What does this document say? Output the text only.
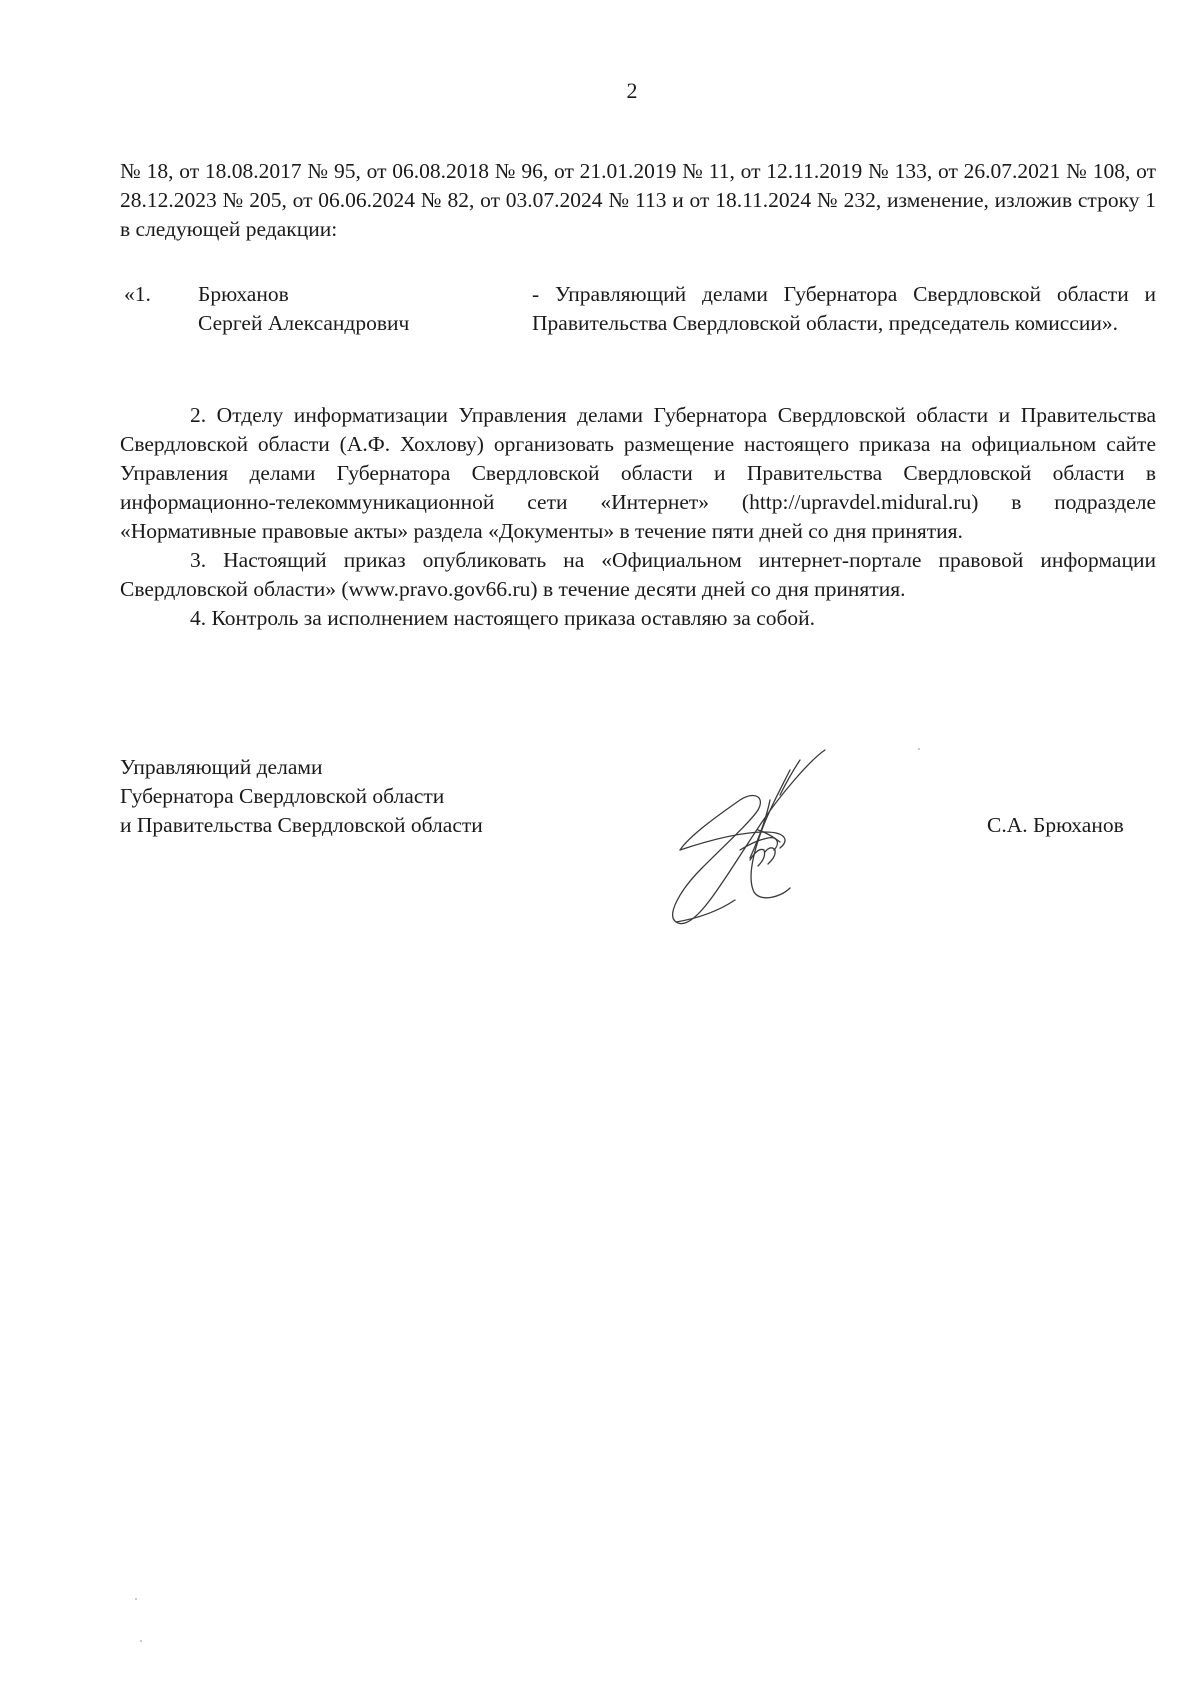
2
№ 18, от 18.08.2017 № 95, от 06.08.2018 № 96, от 21.01.2019 № 11, от 12.11.2019 № 133, от 26.07.2021 № 108, от 28.12.2023 № 205, от 06.06.2024 № 82, от 03.07.2024 № 113 и от 18.11.2024 № 232, изменение, изложив строку 1 в следующей редакции:
«1. Брюханов
Сергей Александрович
- Управляющий делами Губернатора Свердловской области и Правительства Свердловской области, председатель комиссии».

2. Отделу информатизации Управления делами Губернатора Свердловской области и Правительства Свердловской области (А.Ф. Хохлову) организовать размещение настоящего приказа на официальном сайте Управления делами Губернатора Свердловской области и Правительства Свердловской области в информационно-телекоммуникационной сети «Интернет» (http://upravdel.midural.ru) в подразделе «Нормативные правовые акты» раздела «Документы» в течение пяти дней со дня принятия.

3. Настоящий приказ опубликовать на «Официальном интернет-портале правовой информации Свердловской области» (www.pravo.gov66.ru) в течение десяти дней со дня принятия.

4. Контроль за исполнением настоящего приказа оставляю за собой.

Управляющий делами
Губернатора Свердловской области
и Правительства Свердловской области	С.А. Брюханов
